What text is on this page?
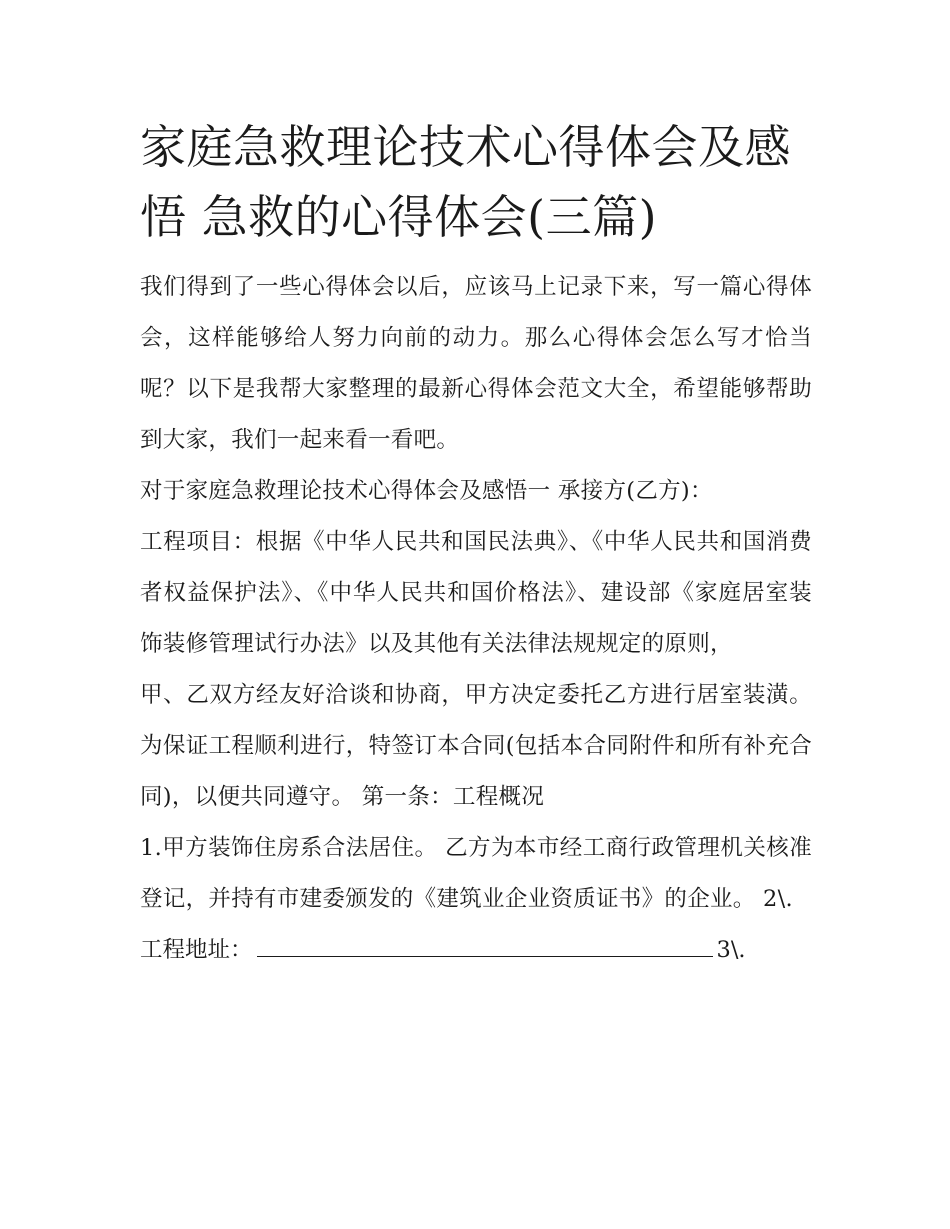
家庭急救理论技术心得体会及感悟 急救的心得体会(三篇)

我们得到了一些心得体会以后，应该马上记录下来，写一篇心得体会，这样能够给人努力向前的动力。那么心得体会怎么写才恰当呢？以下是我帮大家整理的最新心得体会范文大全，希望能够帮助到大家，我们一起来看一看吧。

对于家庭急救理论技术心得体会及感悟一 承接方(乙方)：

工程项目：根据《中华人民共和国民法典》、《中华人民共和国消费者权益保护法》、《中华人民共和国价格法》、建设部《家庭居室装饰装修管理试行办法》以及其他有关法律法规规定的原则，

甲、乙双方经友好洽谈和协商，甲方决定委托乙方进行居室装潢。为保证工程顺利进行，特签订本合同(包括本合同附件和所有补充合同)，以便共同遵守。 第一条：工程概况

1.甲方装饰住房系合法居住。 乙方为本市经工商行政管理机关核准登记，并持有市建委颁发的《建筑业企业资质证书》的企业。 2\.

工程地址：	3\.
